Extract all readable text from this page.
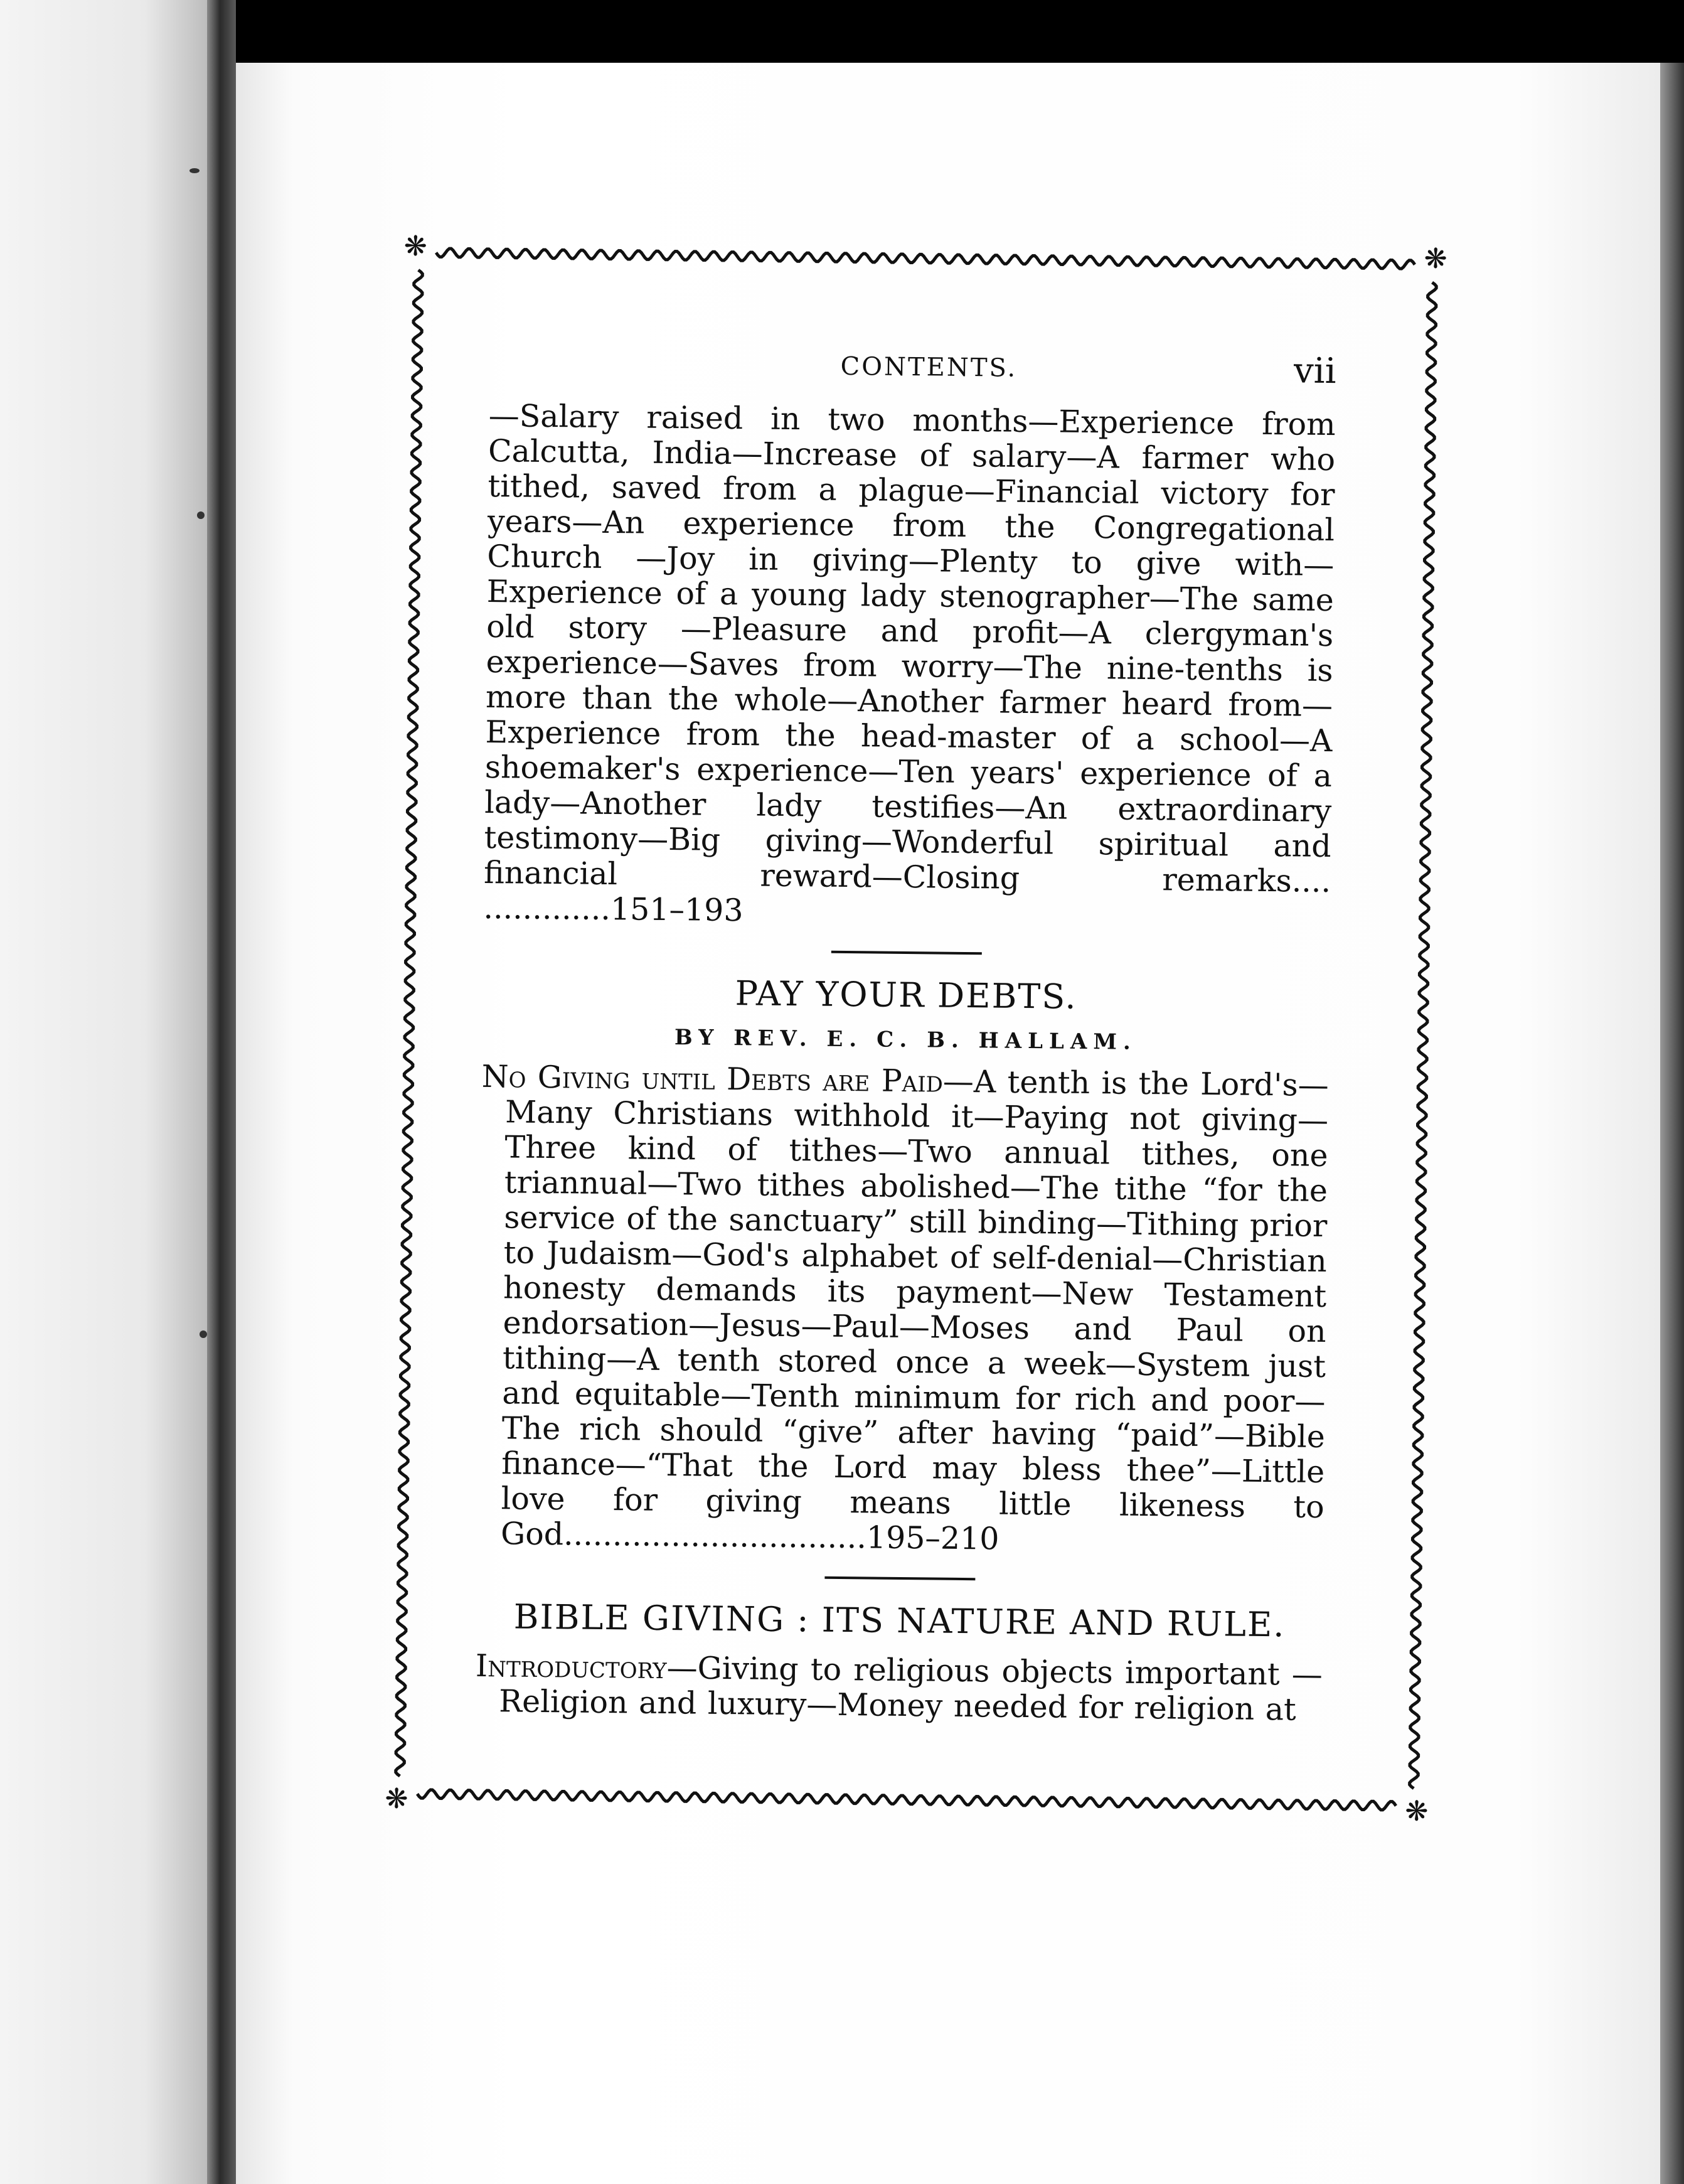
❋	❋
❋	❋
CONTENTS.	vii

—Salary raised in two months—Experience from Calcutta, India—Increase of salary—A farmer who tithed, saved from a plague—Financial victory for years—An experience from the Congregational Church —Joy in giving—Plenty to give with—Experience of a young lady stenographer—The same old story —Pleasure and profit—A clergyman's experience—Saves from worry—The nine-tenths is more than the whole—Another farmer heard from—Experience from the head-master of a school—A shoemaker's experience—Ten years' experience of a lady—Another lady testifies—An extraordinary testimony—Big giving—Wonderful spiritual and financial reward—Closing remarks.... .............151–193

PAY YOUR DEBTS.

BY REV. E. C. B. HALLAM.

No Giving until Debts are Paid—A tenth is the Lord's—Many Christians withhold it—Paying not giving—Three kind of tithes—Two annual tithes, one triannual—Two tithes abolished—The tithe “for the service of the sanctuary” still binding—Tithing prior to Judaism—God's alphabet of self-denial—Christian honesty demands its payment—New Testament endorsation—Jesus—Paul—Moses and Paul on tithing—A tenth stored once a week—System just and equitable—Tenth minimum for rich and poor—The rich should “give” after having “paid”—Bible finance—“That the Lord may bless thee”—Little love for giving means little likeness to God...............................195–210

BIBLE GIVING : ITS NATURE AND RULE.

Introductory—Giving to religious objects important —Religion and luxury—Money needed for religion at
